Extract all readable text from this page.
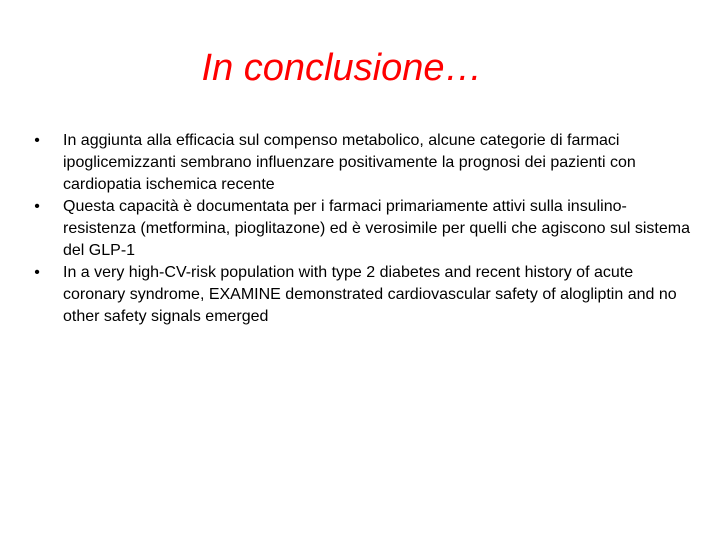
In conclusione…
• In aggiunta alla efficacia sul compenso metabolico, alcune categorie di farmaci ipoglicemizzanti sembrano influenzare positivamente la prognosi dei pazienti con cardiopatia ischemica recente
• Questa capacità è documentata per i farmaci primariamente attivi sulla insulino-resistenza (metformina, pioglitazone) ed è verosimile per quelli che agiscono sul sistema del GLP-1
• In a very high-CV-risk population with type 2 diabetes and recent history of acute coronary syndrome, EXAMINE demonstrated cardiovascular safety of alogliptin and no other safety signals emerged
